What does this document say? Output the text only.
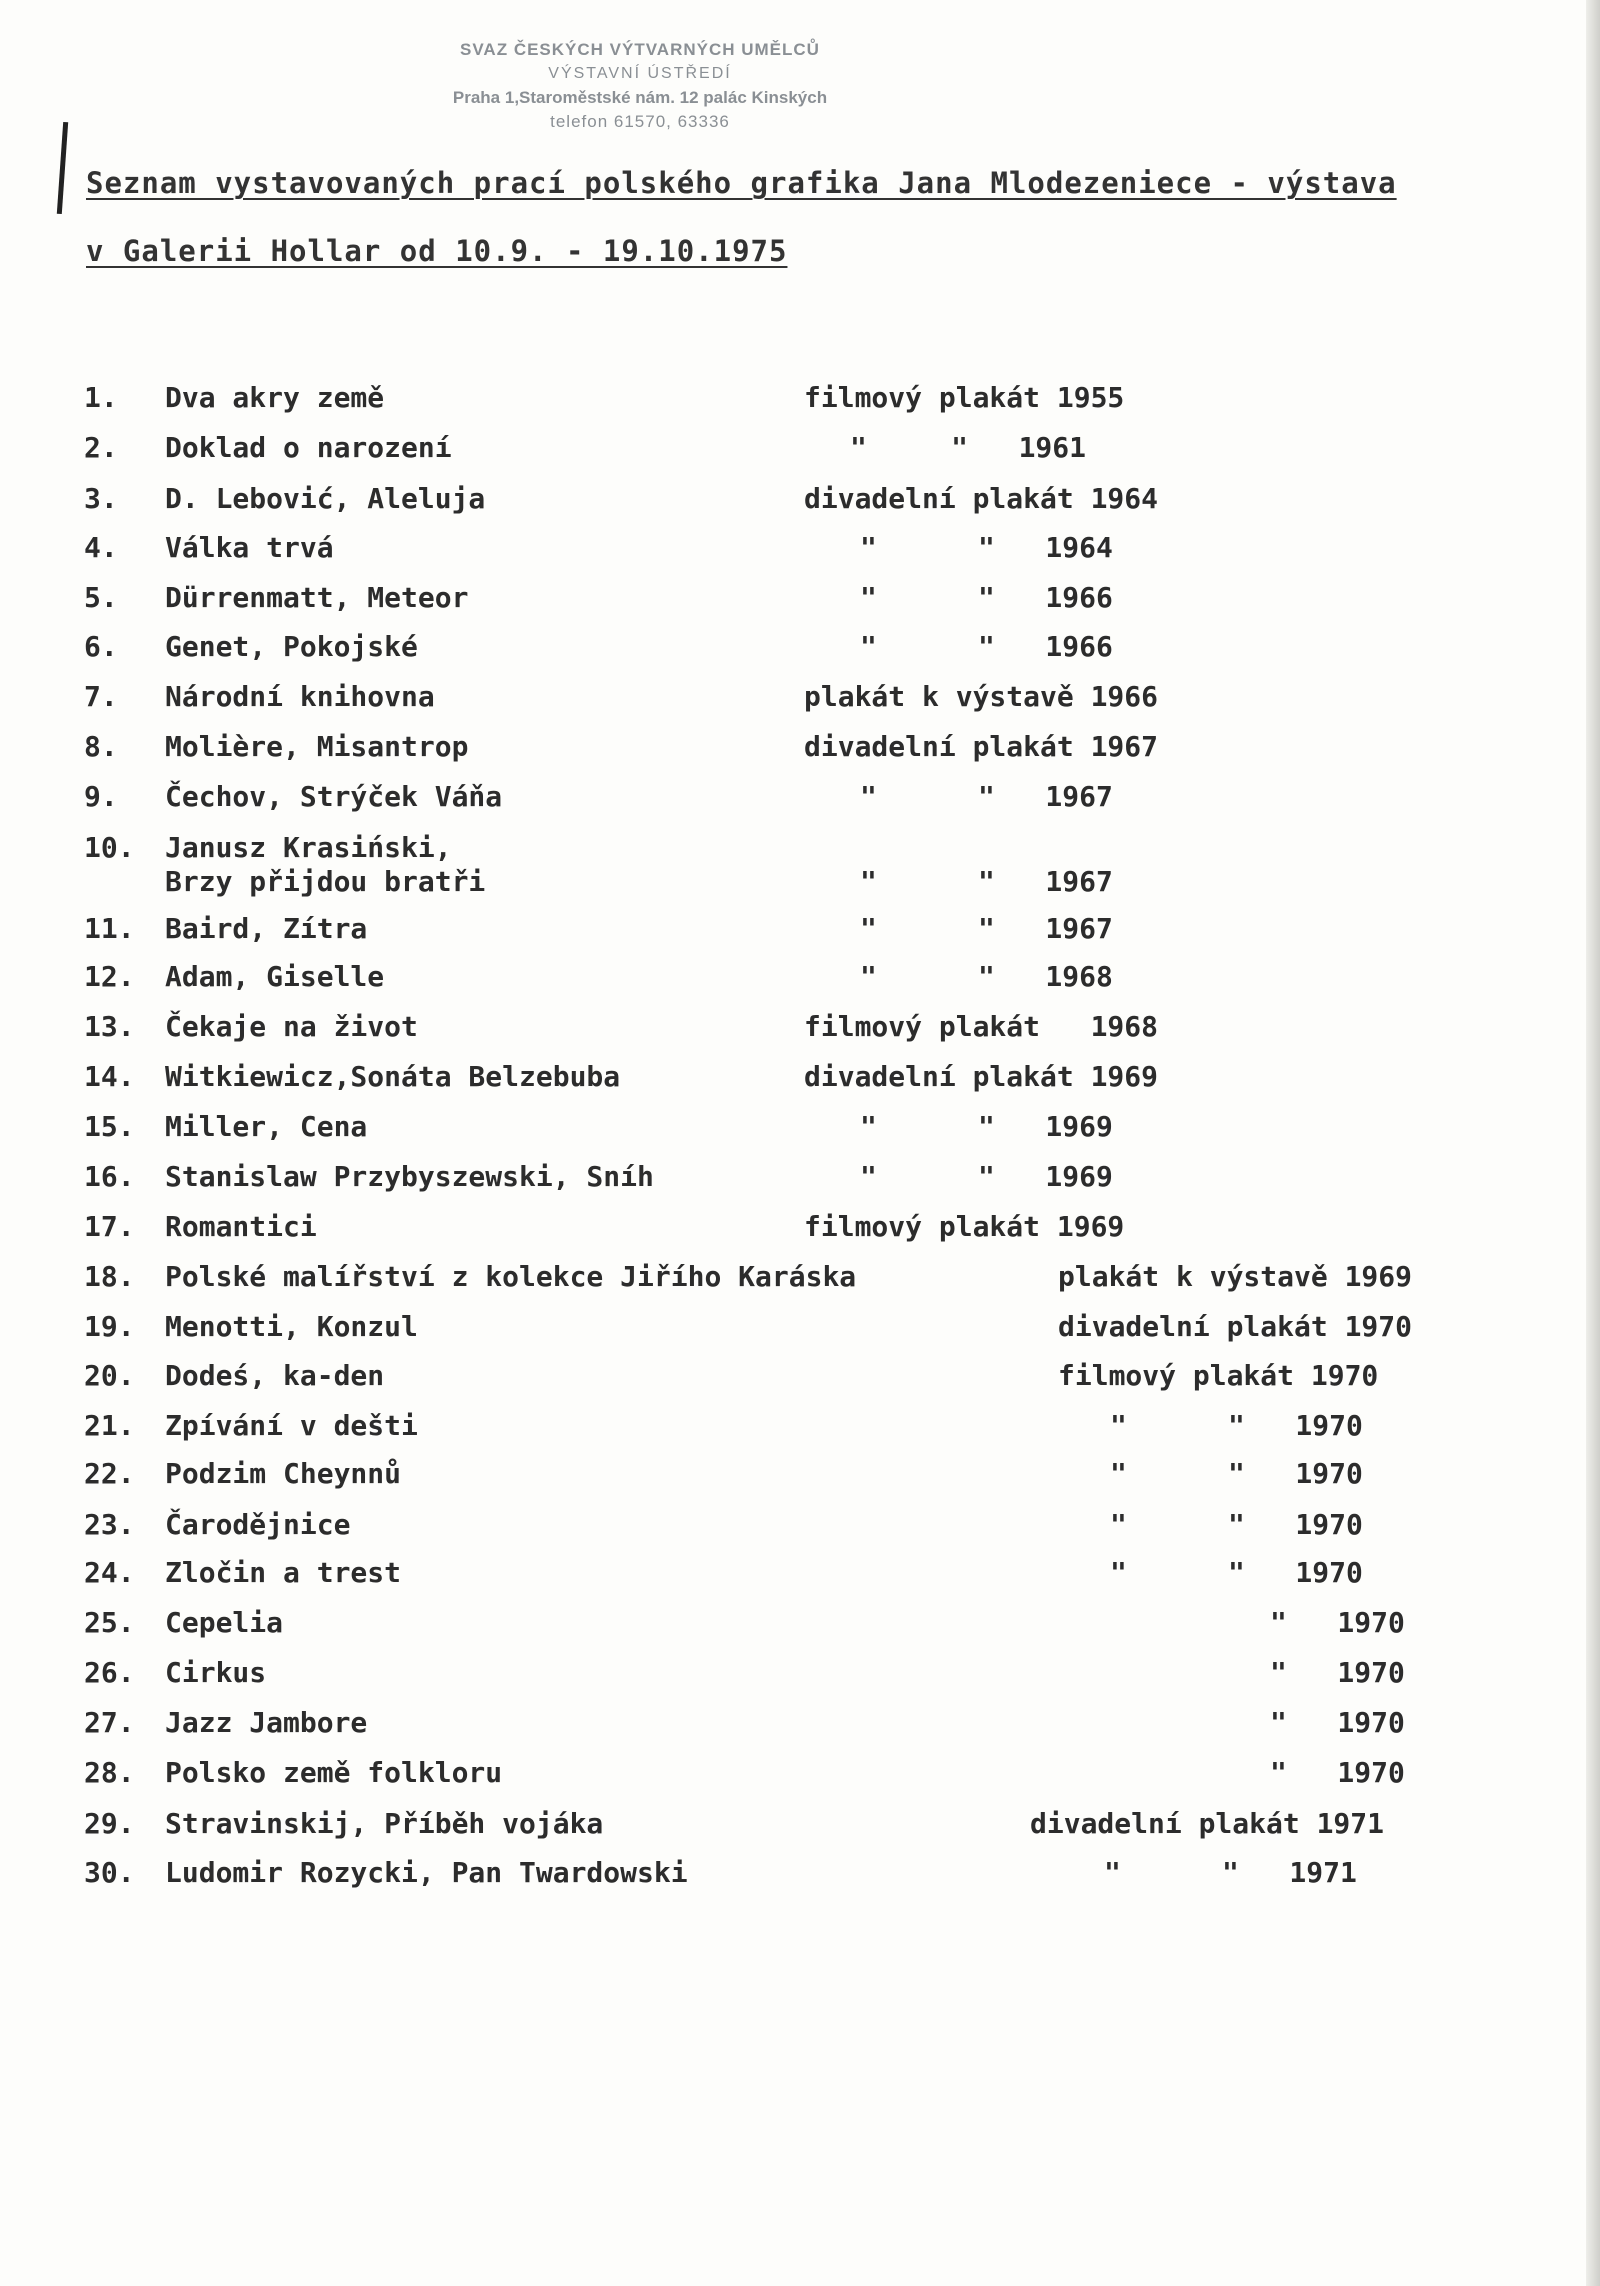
SVAZ ČESKÝCH VÝTVARNÝCH UMĚLCŮ
VÝSTAVNÍ ÚSTŘEDÍ
Praha 1,Staroměstské nám. 12 palác Kinských
telefon 61570, 63336
Seznam vystavovaných prací polského grafika Jana Mlodezeniece - výstava
v Galerii Hollar od 10.9. - 19.10.1975
1. Dva akry země	filmový plakát 1955
2. Doklad o narození	"     "   1961
3. D. Lebović, Aleluja	divadelní plakát 1964
4. Válka trvá	"      "   1964
5. Dürrenmatt, Meteor	"      "   1966
6. Genet, Pokojské	"      "   1966
7. Národní knihovna	plakát k výstavě 1966
8. Molière, Misantrop	divadelní plakát 1967
9. Čechov, Strýček Váňa	"      "   1967
10. Janusz Krasiński,
Brzy přijdou bratři	"      "   1967
11. Baird, Zítra	"      "   1967
12. Adam, Giselle	"      "   1968
13. Čekaje na život	filmový plakát   1968
14. Witkiewicz,Sonáta Belzebuba	divadelní plakát 1969
15. Miller, Cena	"      "   1969
16. Stanislaw Przybyszewski, Sníh	"      "   1969
17. Romantici	filmový plakát 1969
18. Polské malířství z kolekce Jiřího Karáska	plakát k výstavě 1969
19. Menotti, Konzul	divadelní plakát 1970
20. Dodeś, ka-den	filmový plakát 1970
21. Zpívání v dešti	"      "   1970
22. Podzim Cheynnů	"      "   1970
23. Čarodějnice	"      "   1970
24. Zločin a trest	"      "   1970
25. Cepelia	"   1970
26. Cirkus	"   1970
27. Jazz Jambore	"   1970
28. Polsko země folkloru	"   1970
29. Stravinskij, Příběh vojáka	divadelní plakát 1971
30. Ludomir Rozycki, Pan Twardowski	"      "   1971
